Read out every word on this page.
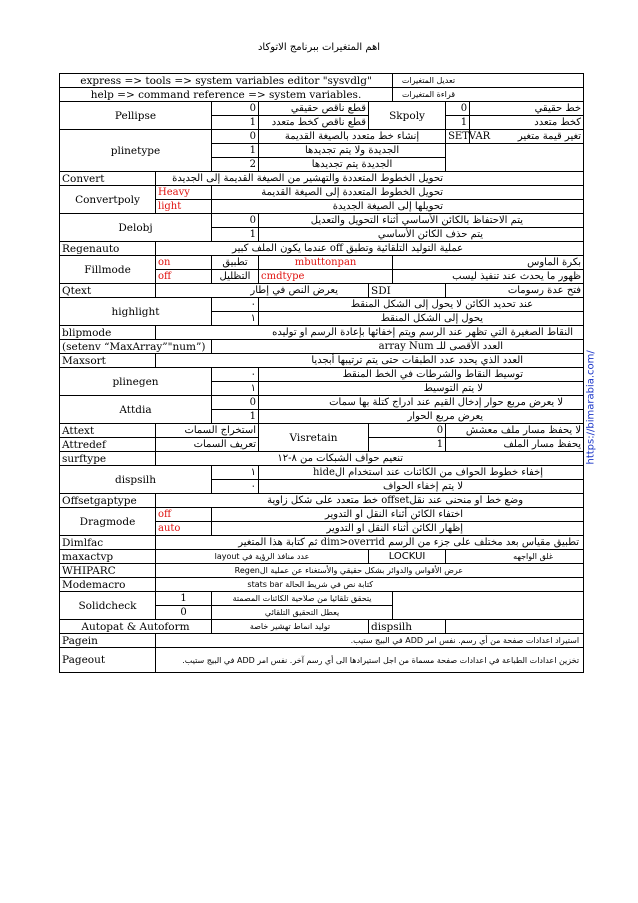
اهم المتغيرات ببرنامج الاتوكاد
https://bimarabia.com/
express => tools => system variables editor "sysvdlg"					تعديل المتغيرات		
help => command reference => system variables.					قراءة المتغيرات		
Pellipse		0	قطع ناقص حقيقي	Skpoly		0	خط حقيقي
		1	قطع ناقص كخط متعدد			1	كخط متعدد
plinetype		0	إنشاء خط متعدد بالصيغة القديمة			SETVAR	تغير قيمة متغير
		1	الجديدة ولا يتم تجديدها				
		2	الجديدة يتم تجديدها				
Convert	تحويل الخطوط المتعددة والتهشير من الصيغة القديمة إلى الجديدة						
Convertpoly	Heavy	تحويل الخطوط المتعددة إلى الصيغة القديمة					
	light	تحويلها إلى الصيغة الجديدة					
Delobj		0	يتم الاحتفاظ بالكائن الأساسي أثناء التحويل والتعديل				
		1	يتم حذف الكائن الأساسي				
Regenauto	عملية التوليد التلقائية وتطبق off عندما يكون الملف كبير						
Fillmode	on	تطبيق	mbuttonpan		بكرة الماوس		
	off	التظليل	cmdtype		ظهور ما يحدث عند تنفيذ ليسب		
Qtext	يعرض النص في إطار			SDI		فتح عدة رسومات	
highlight		٠	عند تحديد الكائن لا يحول إلى الشكل المنقط				
		١	يحول إلى الشكل المنقط				
blipmode	النقاط الصغيرة التي تظهر عند الرسم ويتم إخفائها بإعادة الرسم او توليده						
(setenv “MaxArray”"num”)		العدد الأقصى للـ array Num					
Maxsort	العدد الذي يحدد عدد الطبقات حتى يتم ترتيبها أبجديا						
plinegen		٠	توسيط النقاط والشرطات في الخط المنقط				
		١	لا يتم التوسيط				
Attdia		0	لا يعرض مربع حوار إدخال القيم عند ادراج كتلة بها سمات				
		1	يعرض مربع الحوار				
Attext	استخراج السمات		Visretain	0		لا يحفظ مسار ملف معشش	
Attredef	تعريف السمات			1		يحفظ مسار الملف	
surftype	تنعيم حواف الشبكات من ٨-١٢						
dispsilh		١	إخفاء خطوط الحواف من الكائنات عند استخدام الhide				
		٠	لا يتم إخفاء الحواف				
Offsetgaptype	وضع خط او منحنى عند نقلoffset خط متعدد على شكل زاوية						
Dragmode	off	اختفاء الكائن أثناء النقل او التدوير					
	auto	إظهار الكائن أثناء النقل او التدوير					
Dimlfac	تطبيق مقياس بعد مختلف على جزء من الرسم dim>overrid ثم كتابة هذا المتغير						
maxactvp	عدد منافذ الرؤية في layout			LOCKUI		غلق الواجهه	
WHIPARC	عرض الأقواس والدوائر بشكل حقيقي والأستغناء عن عملية الRegen						
Modemacro	كتابة نص في شريط الحالة stats bar						
Solidcheck	1	يتحقق تلقائيا من صلاحية الكائنات المصمتة					
	0	يعطل التحقيق التلقائي					
Autopat & Autoform		توليد انماط تهشير خاصة		dispsilh			
Pagein	استيراد اعدادات صفحة من أي رسم. نفس امر ADD في البيج ستيب.						
Pageout	تخزين اعدادات الطباعة في اعدادات صفحة مسماة من اجل استيرادها الى أي رسم آخر. نفس امر ADD في البيج ستيب.						
